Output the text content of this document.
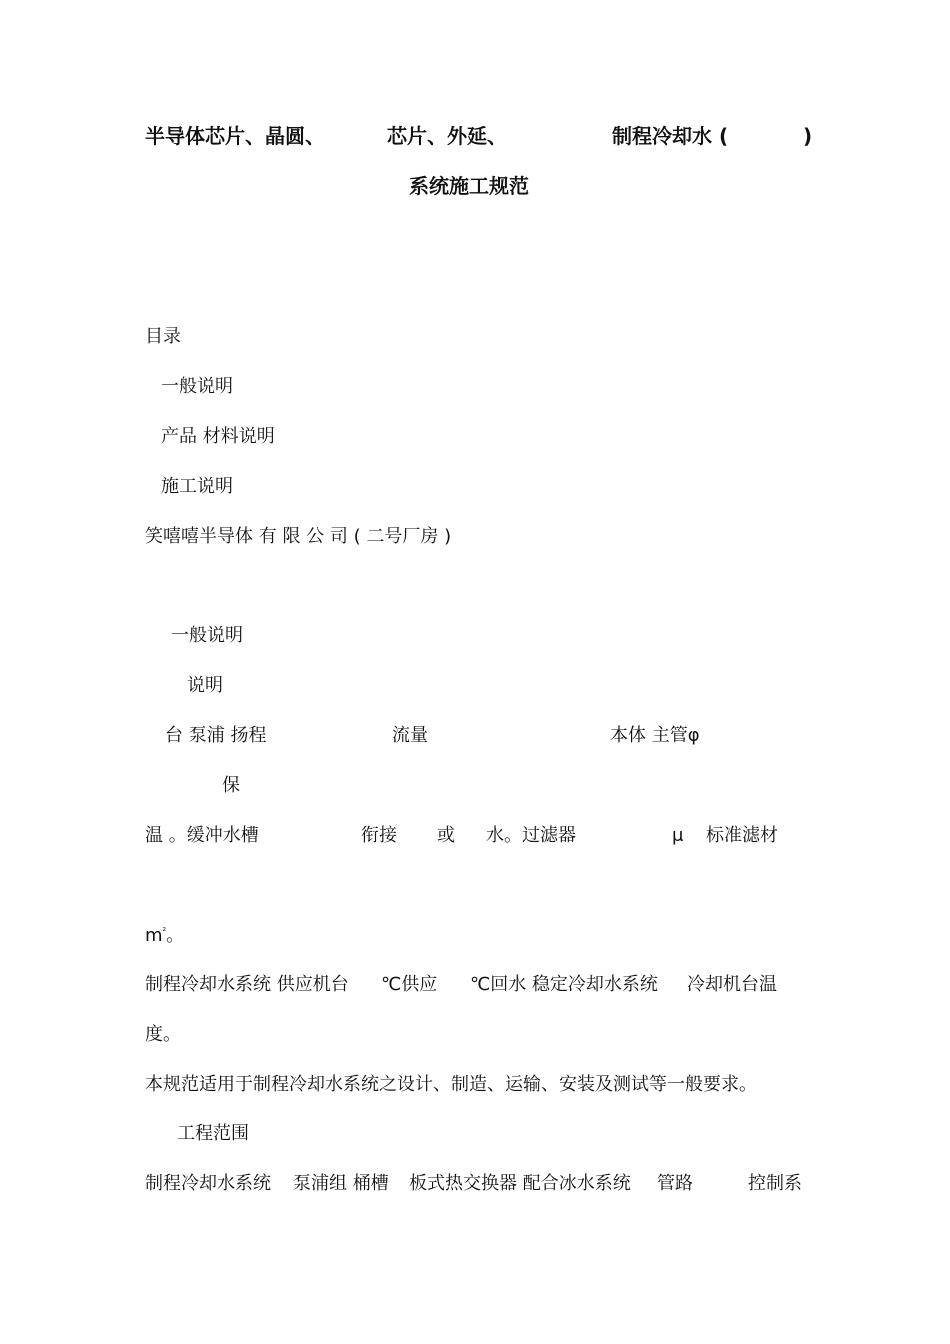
半导体芯片、晶圆、	芯片、外延、	制程冷却水 (	)
系统施工规范
目录
一般说明
产品 材料说明
施工说明
笑嘻嘻半导体 有 限 公 司 ( 二号厂房 )
一般说明
说明
台 泵浦 扬程	流量	本体 主管φ
保
温 。缓冲水槽	衔接 或 水。过滤器	μ 标准滤材
$m^{^2}$。
制程冷却水系统 供应机台 ℃供应 ℃回水 稳定冷却水系统 冷却机台温
度。
本规范适用于制程冷却水系统之设计、制造、运输、安装及测试等一般要求。
工程范围
制程冷却水系统 泵浦组 桶槽 板式热交换器 配合冰水系统 管路	控制系
